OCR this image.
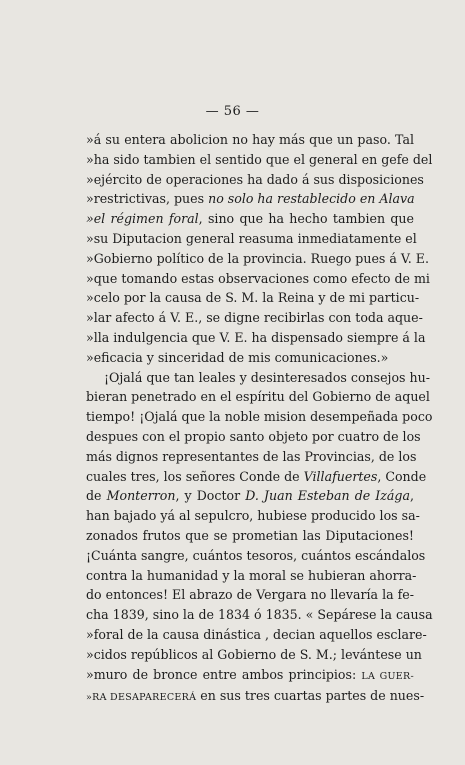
— 56 —
»á su entera abolicion no hay más que un paso. Tal
»ha sido tambien el sentido que el general en gefe del
»ejército de operaciones ha dado á sus disposiciones
»restrictivas, pues no solo ha restablecido en Alava
»el régimen foral, sino que ha hecho tambien que
»su Diputacion general reasuma inmediatamente el
»Gobierno político de la provincia. Ruego pues á V. E.
»que tomando estas observaciones como efecto de mi
»celo por la causa de S. M. la Reina y de mi particu-
»lar afecto á V. E., se digne recibirlas con toda aque-
»lla indulgencia que V. E. ha dispensado siempre á la
»eficacia y sinceridad de mis comunicaciones.»
¡Ojalá que tan leales y desinteresados consejos hu-
bieran penetrado en el espíritu del Gobierno de aquel
tiempo! ¡Ojalá que la noble mision desempeñada poco
despues con el propio santo objeto por cuatro de los
más dignos representantes de las Provincias, de los
cuales tres, los señores Conde de Villafuertes, Conde
de Monterron, y Doctor D. Juan Esteban de Izága,
han bajado yá al sepulcro, hubiese producido los sa-
zonados frutos que se prometian las Diputaciones!
¡Cuánta sangre, cuántos tesoros, cuántos escándalos
contra la humanidad y la moral se hubieran ahorra-
do entonces! El abrazo de Vergara no llevaría la fe-
cha 1839, sino la de 1834 ó 1835. « Sepárese la causa
»foral de la causa dinástica , decian aquellos esclare-
»cidos repúblicos al Gobierno de S. M.; levántese un
»muro de bronce entre ambos principios: LA GUER-
»RA DESAPARECERÁ en sus tres cuartas partes de nues-
